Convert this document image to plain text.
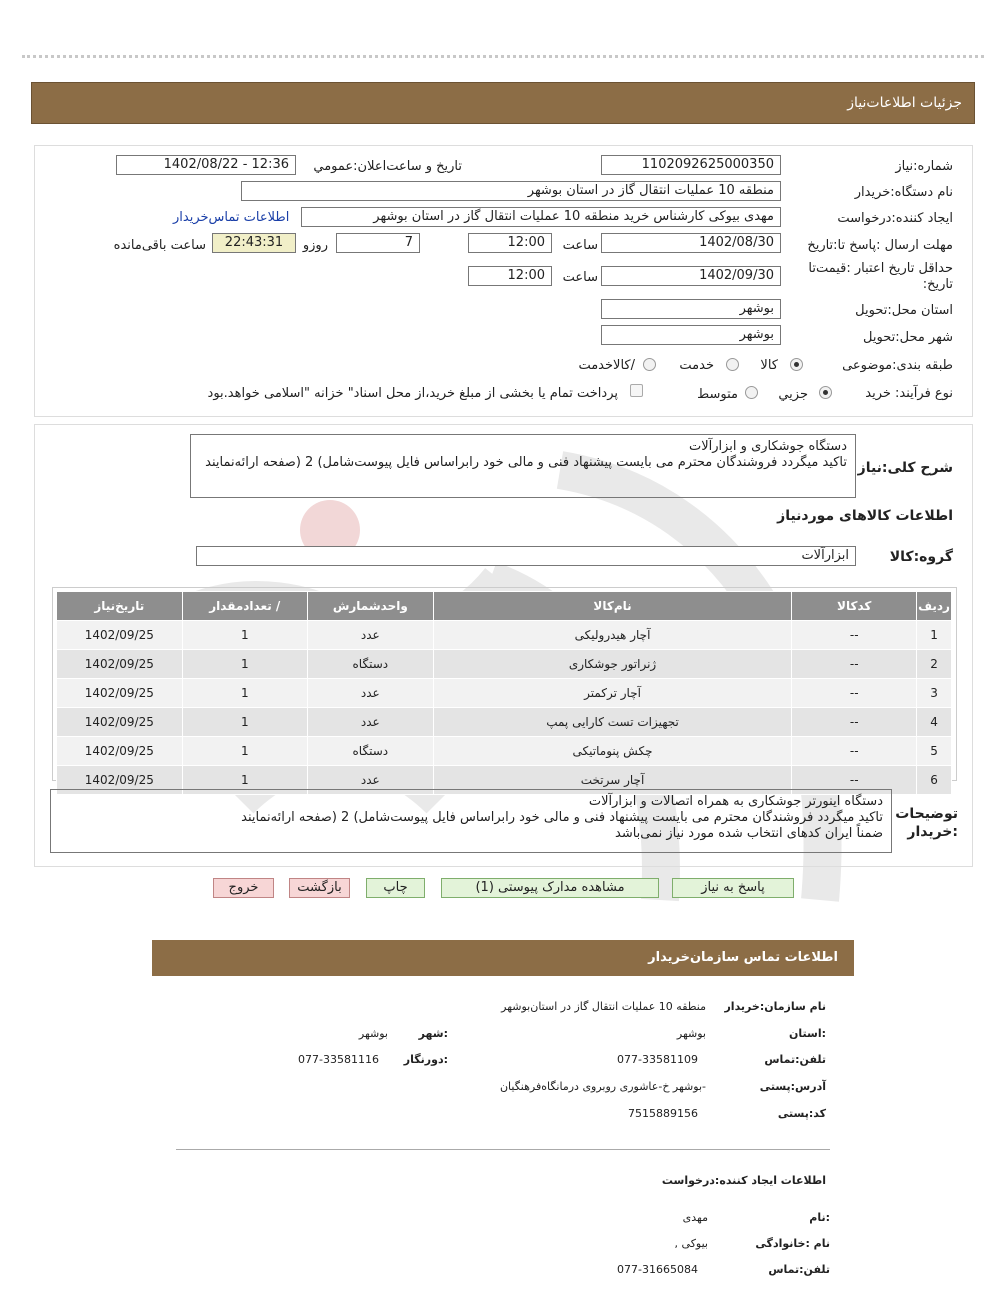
جزئیات اطلاعات‌نیاز
شماره:نیاز
1102092625000350
تاریخ و ساعت‌اعلان:عمومي
1402/08/22 - 12:36
نام دستگاه:خریدار
منطقه 10 عملیات انتقال گاز در استان بوشهر
ایجاد کننده:درخواست
مهدی بیوکی کارشناس خرید منطقه 10 عملیات انتقال گاز در استان بوشهر
اطلاعات تماس‌خریدار
مهلت ارسال :پاسخ تا:تاریخ
1402/08/30
ساعت
12:00
7
روزو
22:43:31
ساعت باقی‌مانده
حداقل تاریخ اعتبار :قیمت‌تا تاریخ:
1402/09/30
ساعت
12:00
استان محل:تحویل
بوشهر
شهر محل:تحویل
بوشهر
طبقه بندی:موضوعی
کالا
خدمت
/کالاخدمت
نوع فرآیند: خرید
جزيي
متوسط
پرداخت تمام یا بخشی از مبلغ خرید،از محل اسناد" خزانه "اسلامی خواهد.بود
شرح کلی:نیاز
دستگاه جوشکاری و ابزارآلات
تاکید میگردد فروشندگان محترم می بایست پیشنهاد فنی و مالی خود رابراساس فایل پیوست‌شامل) 2 (صفحه ارائه‌نمایند
اطلاعات کالاهای مورد‌نیاز
گروه:کالا
ابزارآلات
ردیف	کدکالا	نام‌کالا	واحدشمارش	/ تعدادمقدار	تاریخ‌نیاز
1	--	آچار هیدرولیکی	عدد	1	1402/09/25
2	--	ژنراتور جوشکاری	دستگاه	1	1402/09/25
3	--	آچار ترکمتر	عدد	1	1402/09/25
4	--	تجهیزات تست کارایی پمپ	عدد	1	1402/09/25
5	--	چکش پنوماتیکی	دستگاه	1	1402/09/25
6	--	آچار سرتخت	عدد	1	1402/09/25
توضیحات :خریدار
دستگاه اینورتر جوشکاری به همراه اتصالات و ابزارآلات
تاکید میگردد فروشندگان محترم می بایست پیشنهاد فنی و مالی خود رابراساس فایل پیوست‌شامل) 2 (صفحه ارائه‌نمایند
ضمناً ایران کدهای انتخاب شده مورد نیاز نمی‌باشد
پاسخ به نیاز
مشاهده مدارک پیوستی (1)
چاپ
بازگشت
خروج
اطلاعات تماس سازمان‌خریدار
نام سازمان:خریدار
منطقه 10 عملیات انتقال گاز در استان‌بوشهر
:استان
بوشهر
:شهر
بوشهر
تلفن:تماس
077-33581109
:دورنگار
077-33581116
آدرس:پستی
-بوشهر خ-عاشوری روبروی درمانگاه‌فرهنگیان
کد:پستی
7515889156
اطلاعات ایجاد کننده:درخواست
:نام
مهدی
نام :خانوادگی
بیوکی ,
تلفن:تماس
077-31665084
